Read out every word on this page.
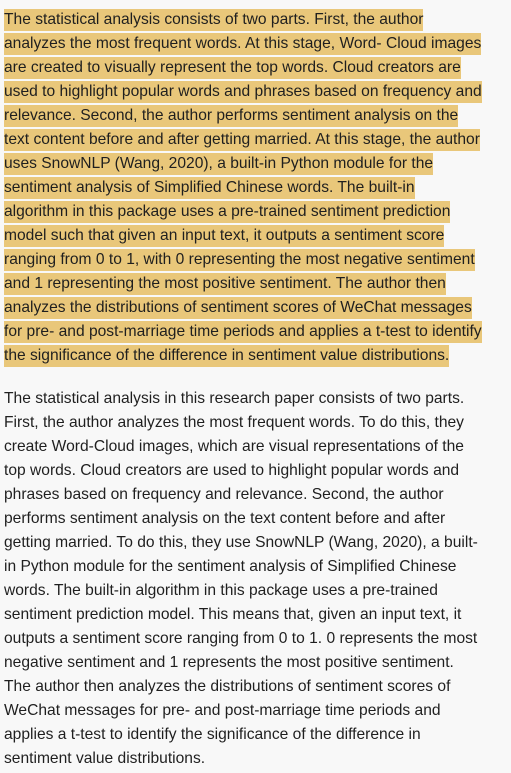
The statistical analysis consists of two parts. First, the author
analyzes the most frequent words. At this stage, Word- Cloud images
are created to visually represent the top words. Cloud creators are
used to highlight popular words and phrases based on frequency and
relevance. Second, the author performs sentiment analysis on the
text content before and after getting married. At this stage, the author
uses SnowNLP (Wang, 2020), a built-in Python module for the
sentiment analysis of Simplified Chinese words. The built-in
algorithm in this package uses a pre-trained sentiment prediction
model such that given an input text, it outputs a sentiment score
ranging from 0 to 1, with 0 representing the most negative sentiment
and 1 representing the most positive sentiment. The author then
analyzes the distributions of sentiment scores of WeChat messages
for pre- and post-marriage time periods and applies a t-test to identify
the significance of the difference in sentiment value distributions.

The statistical analysis in this research paper consists of two parts.
First, the author analyzes the most frequent words. To do this, they
create Word-Cloud images, which are visual representations of the
top words. Cloud creators are used to highlight popular words and
phrases based on frequency and relevance. Second, the author
performs sentiment analysis on the text content before and after
getting married. To do this, they use SnowNLP (Wang, 2020), a built-
in Python module for the sentiment analysis of Simplified Chinese
words. The built-in algorithm in this package uses a pre-trained
sentiment prediction model. This means that, given an input text, it
outputs a sentiment score ranging from 0 to 1. 0 represents the most
negative sentiment and 1 represents the most positive sentiment.
The author then analyzes the distributions of sentiment scores of
WeChat messages for pre- and post-marriage time periods and
applies a t-test to identify the significance of the difference in
sentiment value distributions.
